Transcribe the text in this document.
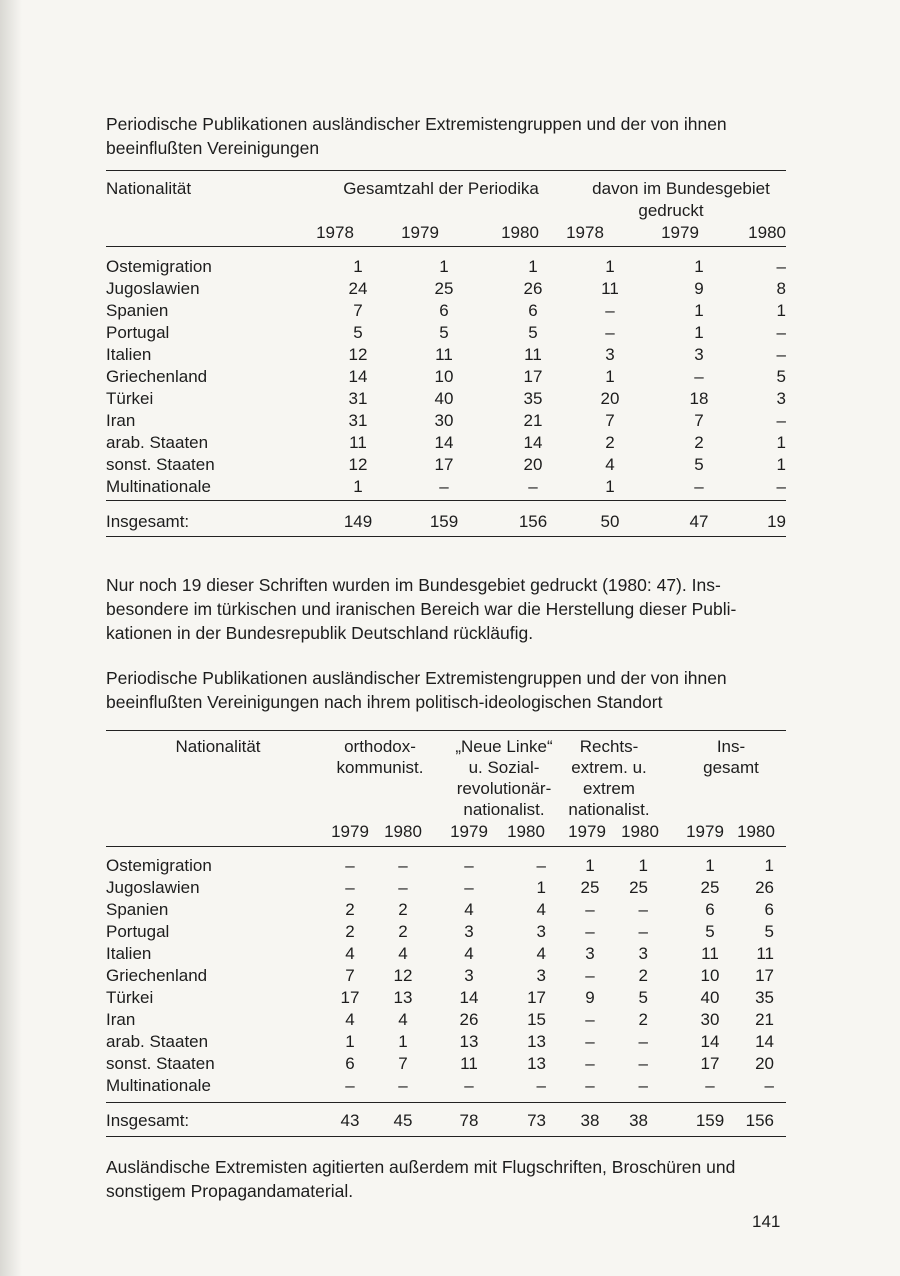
Periodische Publikationen ausländischer Extremistengruppen und der von ihnen
beeinflußten Vereinigungen
Nationalität	Gesamtzahl der Periodika	davon im Bundesgebiet
gedruckt
1978	1979	1980 1978	1979	1980
Ostemigration	1	1	1	1	1	–
Jugoslawien	24	25	26	11	9	8
Spanien	7	6	6	–	1	1
Portugal	5	5	5	–	1	–
Italien	12	11	11	3	3	–
Griechenland	14	10	17	1	–	5
Türkei	31	40	35	20	18	3
Iran	31	30	21	7	7	–
arab. Staaten	11	14	14	2	2	1
sonst. Staaten	12	17	20	4	5	1
Multinationale	1	–	–	1	–	–
Insgesamt:	149	159	156	50	47	19
Nur noch 19 dieser Schriften wurden im Bundesgebiet gedruckt (1980: 47). Ins-
besondere im türkischen und iranischen Bereich war die Herstellung dieser Publi-
kationen in der Bundesrepublik Deutschland rückläufig.
Periodische Publikationen ausländischer Extremistengruppen und der von ihnen
beeinflußten Vereinigungen nach ihrem politisch-ideologischen Standort
Nationalität	orthodox-
kommunist.
„Neue Linke“
u. Sozial-
revolutionär-
nationalist.
Rechts-
extrem. u.
extrem
nationalist.
Ins-
gesamt
1979 1980 1979 1980 1979 1980 1979 1980
Ostemigration	–	–	–	– 1	1	1	1
Jugoslawien	–	–	–	1 25 25	25 26
Spanien	2	2	4	4 –	–	6	6
Portugal	2	2	3	3 –	–	5	5
Italien	4	4	4	4 3	3	11 11
Griechenland	7 12	3	3 –	2	10 17
Türkei	17 13	14	17 9	5	40 35
Iran	4	4	26	15 –	2	30 21
arab. Staaten	1	1	13	13 –	–	14 14
sonst. Staaten	6	7	11	13 –	–	17 20
Multinationale	–	–	–	– –	–	–	–
Insgesamt:	43 45	78	73 38 38	159 156
Ausländische Extremisten agitierten außerdem mit Flugschriften, Broschüren und
sonstigem Propagandamaterial.
141
